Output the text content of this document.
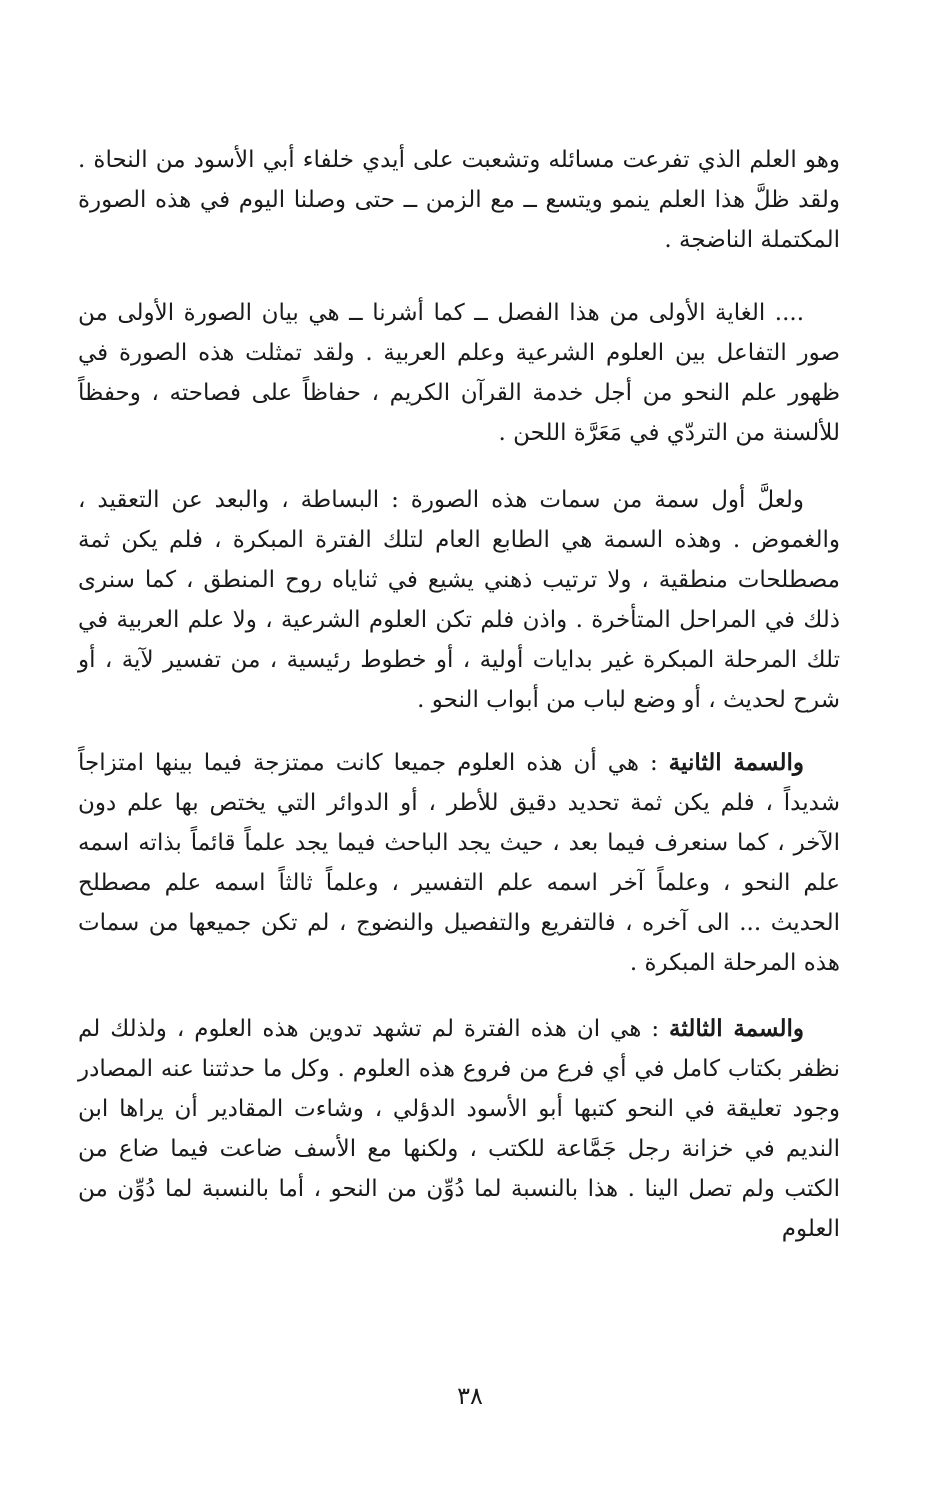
وهو العلم الذي تفرعت مسائله وتشعبت على أيدي خلفاء أبي الأسود من النحاة . ولقد ظلَّ هذا العلم ينمو ويتسع ــ مع الزمن ــ حتى وصلنا اليوم في هذه الصورة المكتملة الناضجة .

.... الغاية الأولى من هذا الفصل ــ كما أشرنا ــ هي بيان الصورة الأولى من صور التفاعل بين العلوم الشرعية وعلم العربية . ولقد تمثلت هذه الصورة في ظهور علم النحو من أجل خدمة القرآن الكريم ، حفاظاً على فصاحته ، وحفظاً للألسنة من التردّي في مَعَرَّة اللحن .

ولعلَّ أول سمة من سمات هذه الصورة : البساطة ، والبعد عن التعقيد ، والغموض . وهذه السمة هي الطابع العام لتلك الفترة المبكرة ، فلم يكن ثمة مصطلحات منطقية ، ولا ترتيب ذهني يشيع في ثناياه روح المنطق ، كما سنرى ذلك في المراحل المتأخرة . واذن فلم تكن العلوم الشرعية ، ولا علم العربية في تلك المرحلة المبكرة غير بدايات أولية ، أو خطوط رئيسية ، من تفسير لآية ، أو شرح لحديث ، أو وضع لباب من أبواب النحو .

والسمة الثانية : هي أن هذه العلوم جميعا كانت ممتزجة فيما بينها امتزاجاً شديداً ، فلم يكن ثمة تحديد دقيق للأطر ، أو الدوائر التي يختص بها علم دون الآخر ، كما سنعرف فيما بعد ، حيث يجد الباحث فيما يجد علماً قائماً بذاته اسمه علم النحو ، وعلماً آخر اسمه علم التفسير ، وعلماً ثالثاً اسمه علم مصطلح الحديث ... الى آخره ، فالتفريع والتفصيل والنضوج ، لم تكن جميعها من سمات هذه المرحلة المبكرة .

والسمة الثالثة : هي ان هذه الفترة لم تشهد تدوين هذه العلوم ، ولذلك لم نظفر بكتاب كامل في أي فرع من فروع هذه العلوم . وكل ما حدثتنا عنه المصادر وجود تعليقة في النحو كتبها أبو الأسود الدؤلي ، وشاءت المقادير أن يراها ابن النديم في خزانة رجل جَمَّاعة للكتب ، ولكنها مع الأسف ضاعت فيما ضاع من الكتب ولم تصل الينا . هذا بالنسبة لما دُوِّن من النحو ، أما بالنسبة لما دُوِّن من العلوم

٣٨
